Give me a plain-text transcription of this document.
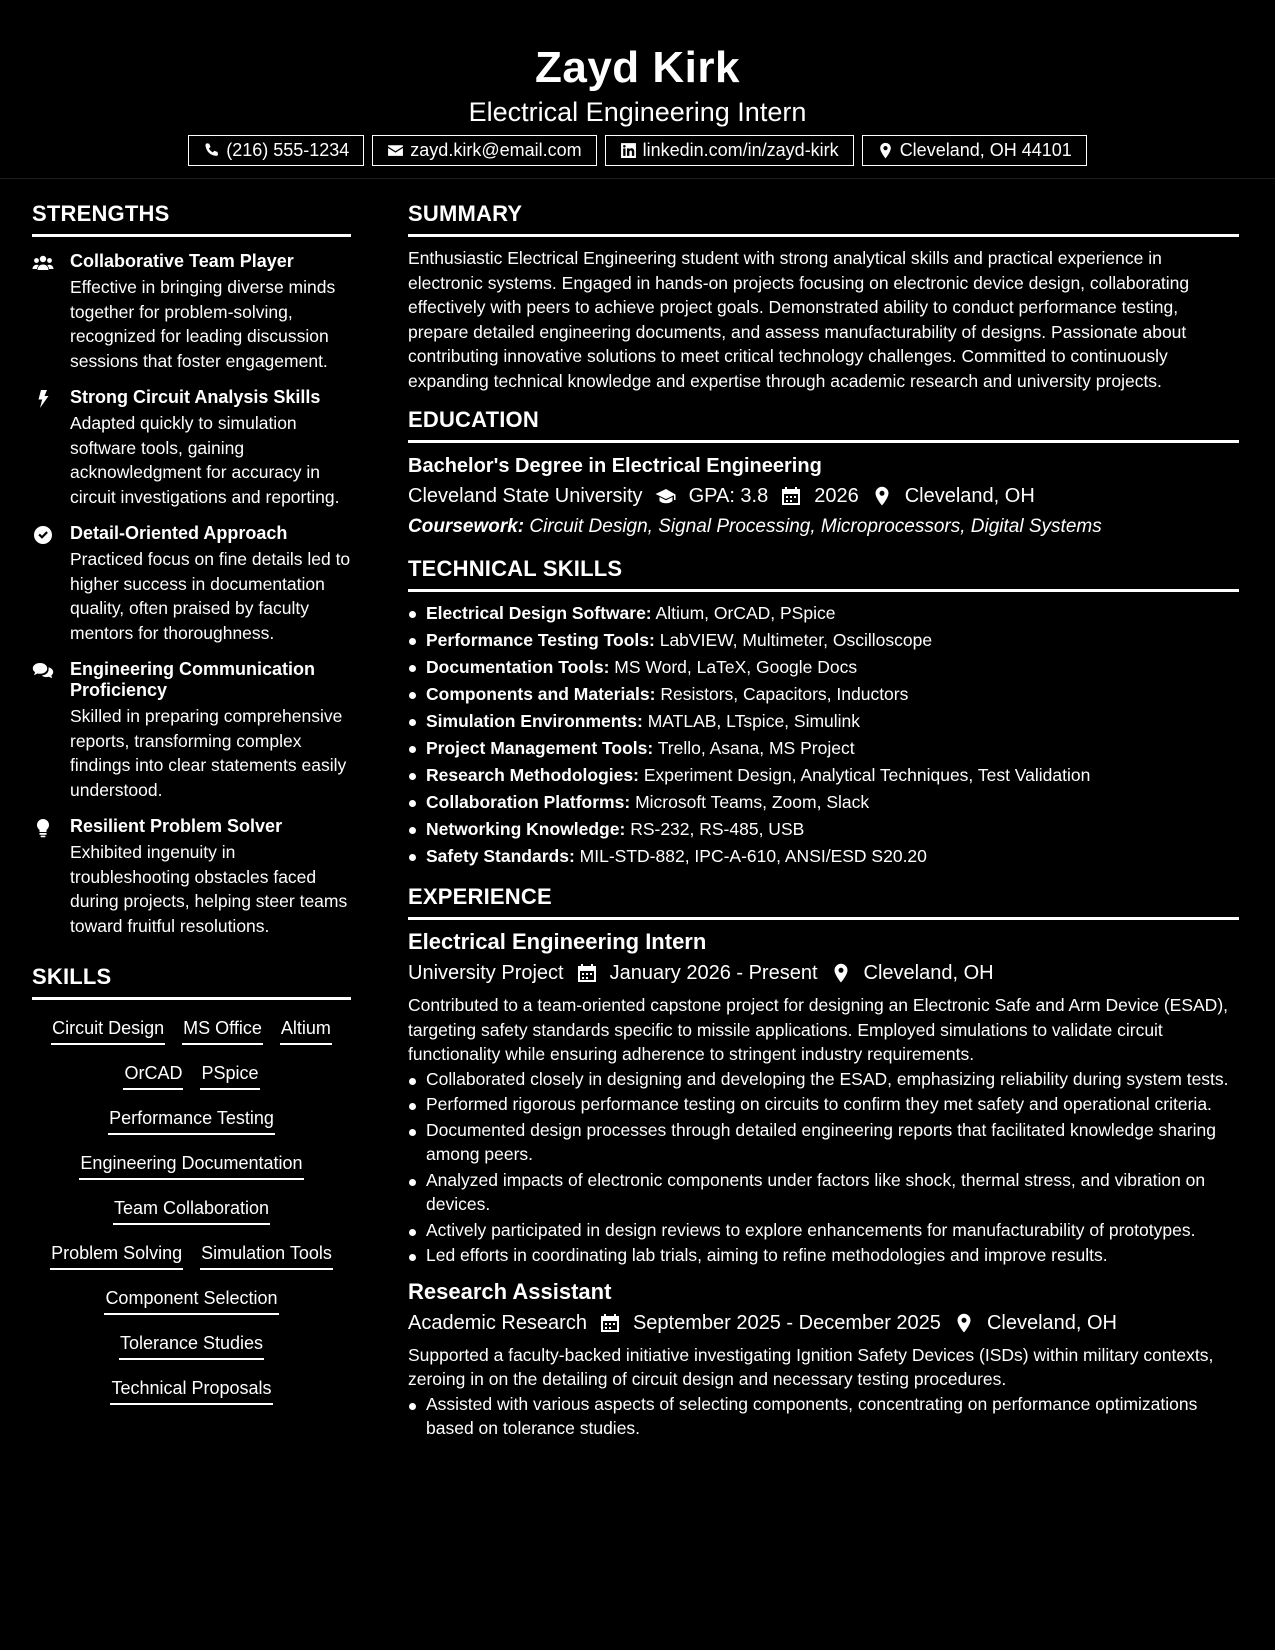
Zayd Kirk
Electrical Engineering Intern
(216) 555-1234	zayd.kirk@email.com	linkedin.com/in/zayd-kirk	Cleveland, OH 44101
STRENGTHS
Collaborative Team Player
Effective in bringing diverse minds together for problem-solving, recognized for leading discussion sessions that foster engagement.
Strong Circuit Analysis Skills
Adapted quickly to simulation software tools, gaining acknowledgment for accuracy in circuit investigations and reporting.
Detail-Oriented Approach
Practiced focus on fine details led to higher success in documentation quality, often praised by faculty mentors for thoroughness.
Engineering Communication Proficiency
Skilled in preparing comprehensive reports, transforming complex findings into clear statements easily understood.
Resilient Problem Solver
Exhibited ingenuity in troubleshooting obstacles faced during projects, helping steer teams toward fruitful resolutions.
SKILLS
Circuit Design MS Office Altium
OrCAD PSpice
Performance Testing
Engineering Documentation
Team Collaboration
Problem Solving Simulation Tools
Component Selection
Tolerance Studies
Technical Proposals
SUMMARY
Enthusiastic Electrical Engineering student with strong analytical skills and practical experience in electronic systems. Engaged in hands-on projects focusing on electronic device design, collaborating effectively with peers to achieve project goals. Demonstrated ability to conduct performance testing, prepare detailed engineering documents, and assess manufacturability of designs. Passionate about contributing innovative solutions to meet critical technology challenges. Committed to continuously expanding technical knowledge and expertise through academic research and university projects.
EDUCATION
Bachelor's Degree in Electrical Engineering
Cleveland State University GPA: 3.8 2026 Cleveland, OH
Coursework: Circuit Design, Signal Processing, Microprocessors, Digital Systems
TECHNICAL SKILLS
Electrical Design Software: Altium, OrCAD, PSpice
Performance Testing Tools: LabVIEW, Multimeter, Oscilloscope
Documentation Tools: MS Word, LaTeX, Google Docs
Components and Materials: Resistors, Capacitors, Inductors
Simulation Environments: MATLAB, LTspice, Simulink
Project Management Tools: Trello, Asana, MS Project
Research Methodologies: Experiment Design, Analytical Techniques, Test Validation
Collaboration Platforms: Microsoft Teams, Zoom, Slack
Networking Knowledge: RS-232, RS-485, USB
Safety Standards: MIL-STD-882, IPC-A-610, ANSI/ESD S20.20
EXPERIENCE
Electrical Engineering Intern
University Project January 2026 - Present Cleveland, OH
Contributed to a team-oriented capstone project for designing an Electronic Safe and Arm Device (ESAD), targeting safety standards specific to missile applications. Employed simulations to validate circuit functionality while ensuring adherence to stringent industry requirements.
Collaborated closely in designing and developing the ESAD, emphasizing reliability during system tests.
Performed rigorous performance testing on circuits to confirm they met safety and operational criteria.
Documented design processes through detailed engineering reports that facilitated knowledge sharing among peers.
Analyzed impacts of electronic components under factors like shock, thermal stress, and vibration on devices.
Actively participated in design reviews to explore enhancements for manufacturability of prototypes.
Led efforts in coordinating lab trials, aiming to refine methodologies and improve results.
Research Assistant
Academic Research September 2025 - December 2025 Cleveland, OH
Supported a faculty-backed initiative investigating Ignition Safety Devices (ISDs) within military contexts, zeroing in on the detailing of circuit design and necessary testing procedures.
Assisted with various aspects of selecting components, concentrating on performance optimizations based on tolerance studies.
